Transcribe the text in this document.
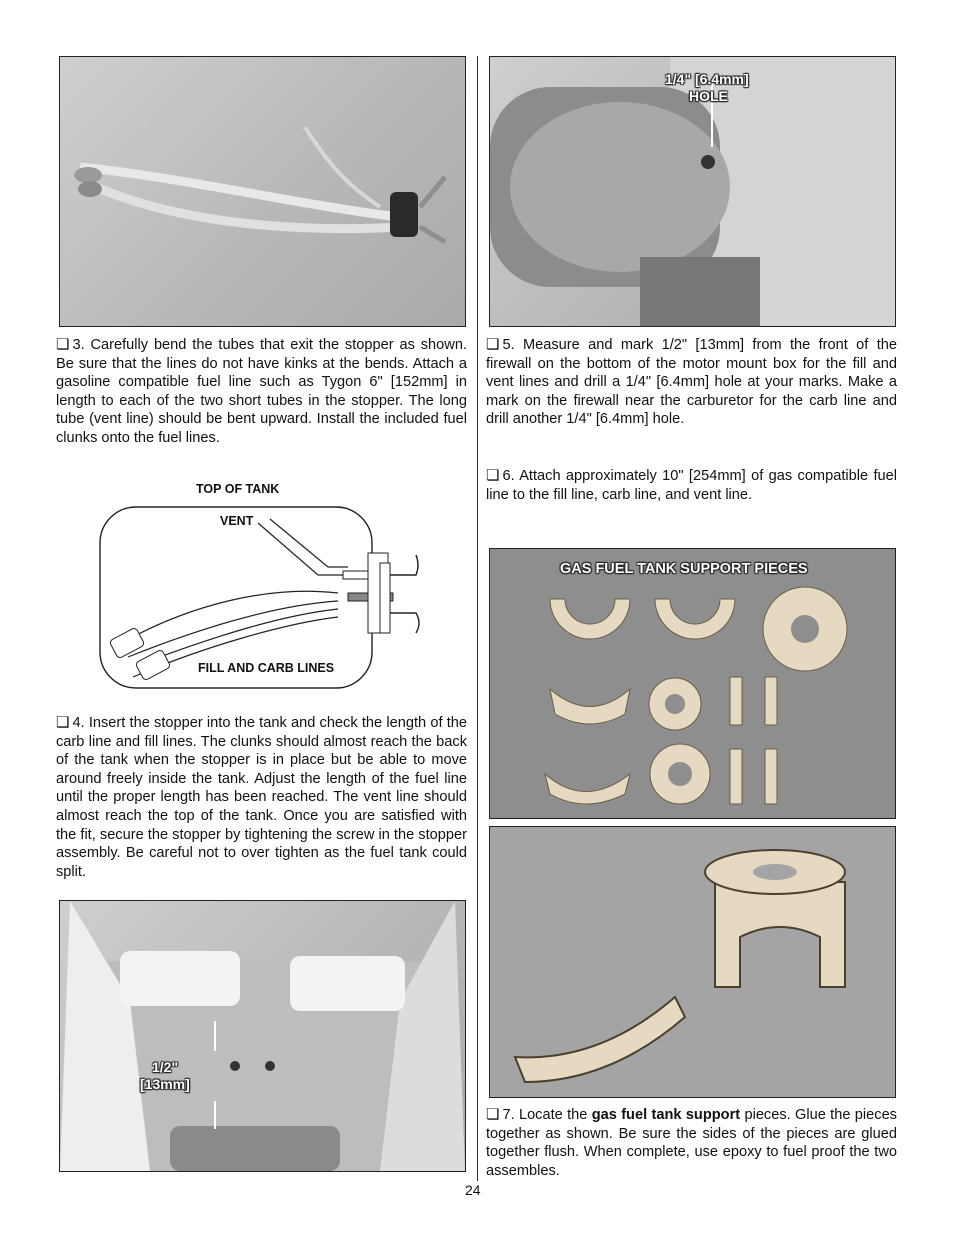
❏ 3. Carefully bend the tubes that exit the stopper as shown. Be sure that the lines do not have kinks at the bends. Attach a gasoline compatible fuel line such as Tygon 6" [152mm] in length to each of the two short tubes in the stopper. The long tube (vent line) should be bent upward. Install the included fuel clunks onto the fuel lines.

TOP OF TANK
VENT
FILL AND CARB LINES

❏ 4. Insert the stopper into the tank and check the length of the carb line and fill lines. The clunks should almost reach the back of the tank when the stopper is in place but be able to move around freely inside the tank. Adjust the length of the fuel line until the proper length has been reached. The vent line should almost reach the top of the tank. Once you are satisfied with the fit, secure the stopper by tightening the screw in the stopper assembly. Be careful not to over tighten as the fuel tank could split.

1/2"
[13mm]
1/4" [6.4mm]
HOLE

❏ 5. Measure and mark 1/2" [13mm] from the front of the firewall on the bottom of the motor mount box for the fill and vent lines and drill a 1/4" [6.4mm] hole at your marks. Make a mark on the firewall near the carburetor for the carb line and drill another 1/4" [6.4mm] hole.

❏ 6. Attach approximately 10" [254mm] of gas compatible fuel line to the fill line, carb line, and vent line.

GAS FUEL TANK SUPPORT PIECES

❏ 7. Locate the gas fuel tank support pieces. Glue the pieces together as shown. Be sure the sides of the pieces are glued together flush. When complete, use epoxy to fuel proof the two assembles.

24
